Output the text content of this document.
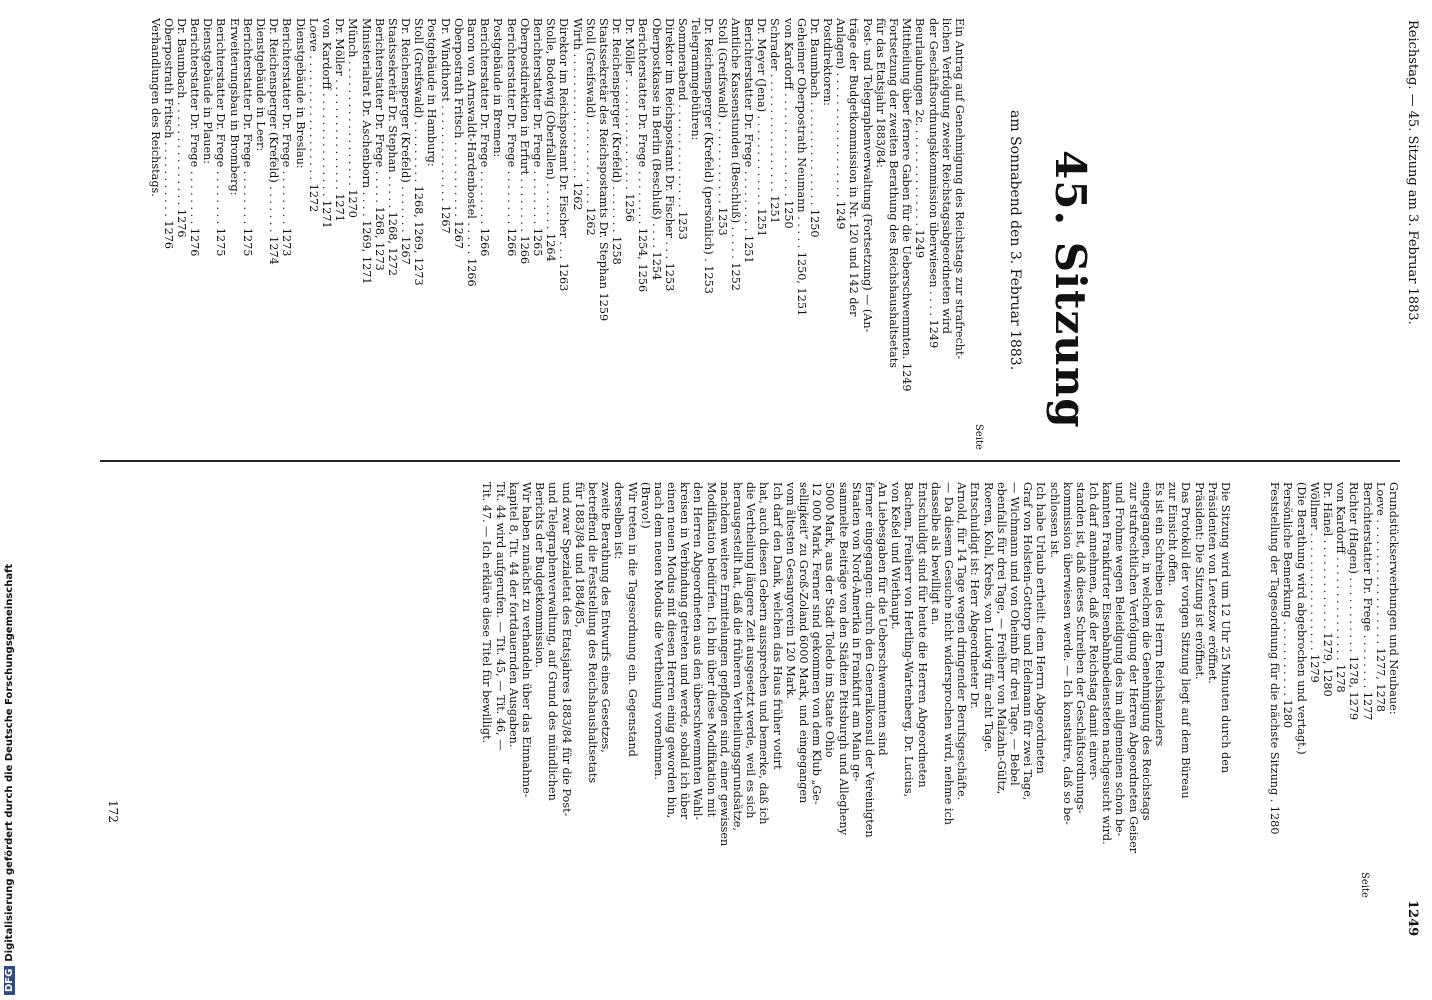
Reichstag. — 45. Sitzung am 3. Februar 1883.
1249
Seite
45. Sitzung
am Sonnabend den 3. Februar 1883.
Seite
Ein Antrag auf Genehmigung des Reichstags zur strafrecht-
lichen Verfolgung zweier Reichstagsabgeordneten wird
der Geschäftsordnungskommission überwiesen . . . . 1249
Beurlaubungen 2c. . . . . . . . . . . . . . . 1249
Mittheilung über fernere Gaben für die Ueberschwemmten. 1249
Fortsetzung der zweiten Berathung des Reichshaushaltsetats
für das Etatsjahr 1883/84:
Post- und Telegraphenverwaltung (Fortsetzung) — (An-
träge der Budgetkommission in Nr. 120 und 142 der
Anlagen) . . . . . . . . . . . . . . . . . . 1249
Postdirektoren:
Dr. Baumbach . . . . . . . . . . . . . . . 1250
Geheimer Oberpostrath Neumann . . . . . 1250, 1251
von Kardorff . . . . . . . . . . . . . . . 1250
Schrader . . . . . . . . . . . . . . . . . 1251
Dr. Meyer (Jena) . . . . . . . . . . . . . 1251
Berichterstatter Dr. Frege . . . . . . . . . 1251
Amtliche Kassenstunden (Beschluß) . . . . . 1252
Stoll (Greifswald) . . . . . . . . . . . . 1253
Dr. Reichensperger (Krefeld) (persönlich) . 1253
Telegrammgebühren:
Sommerabend . . . . . . . . . . . . . . . 1253
Direktor im Reichspostamt Dr. Fischer . . . 1253
Oberpostkasse in Berlin (Beschluß) . . . . 1254
Berichterstatter Dr. Frege . . . . . . . . 1254, 1256
Dr. Möller . . . . . . . . . . . . . . . . 1256
Dr. Reichensperger (Krefeld) . . . . . . . 1258
Staatssekretär des Reichspostamts Dr. Stephan 1259
Stoll (Greifswald) . . . . . . . . . . . . 1262
Wirth . . . . . . . . . . . . . . . . . . 1262
Direktor im Reichspostamt Dr. Fischer . . . 1263
Stolle, Bodewig (Oberfallen) . . . . . . . 1264
Berichterstatter Dr. Frege . . . . . . . . 1265
Oberpostdirektion in Erfurt . . . . . . . . 1266
Berichterstatter Dr. Frege . . . . . . . . 1266
Postgebäude in Bremen:
Berichterstatter Dr. Frege . . . . . . . . 1266
Baron von Arnswaldt-Hardenbostel . . . . . 1266
Oberpostrath Fritsch . . . . . . . . . . . 1267
Dr. Windthorst . . . . . . . . . . . . . . 1267
Postgebäude in Hamburg:
Stoll (Greifswald) . . . . . . . . . 1268, 1269, 1273
Dr. Reichensperger (Krefeld) . . . . . . . 1267
Staatssekretär Dr. Stephan . . . . . 1268, 1272
Berichterstatter Dr. Frege . . . . . 1268, 1273
Ministerialrat Dr. Aschenborn . . . . 1269, 1271
Münch . . . . . . . . . . . . . . . . . . 1270
Dr. Möller . . . . . . . . . . . . . . . . 1271
von Kardorff . . . . . . . . . . . . . . . 1271
Loeve . . . . . . . . . . . . . . . . . . 1272
Dienstgebäude in Breslau:
Berichterstatter Dr. Frege . . . . . . . . 1273
Dr. Reichensperger (Krefeld) . . . . . . . 1274
Dienstgebäude in Leer:
Berichterstatter Dr. Frege . . . . . . . . 1275
Erweiterungsbau in Bromberg:
Berichterstatter Dr. Frege . . . . . . . . 1275
Dienstgebäude in Plauen:
Berichterstatter Dr. Frege . . . . . . . . 1276
Dr. Baumbach . . . . . . . . . . . . . . . 1276
Oberpostrath Fritsch . . . . . . . . . . . 1276
Verhandlungen des Reichstags.
Grundstückserwerbungen und Neubaue:
Loeve . . . . . . . . . . . . . . . . . . 1277, 1278
Berichterstatter Dr. Frege . . . . . . . . 1277
Richter (Hagen) . . . . . . . . . . . 1278, 1279
von Kardorff . . . . . . . . . . . . . . . 1278
Dr. Hänel . . . . . . . . . . . . . 1279, 1280
Wöllmer . . . . . . . . . . . . . . . . . 1279
(Die Berathung wird abgebrochen und vertagt.)
Persönliche Bemerkung . . . . . . . . . . . 1280
Feststellung der Tagesordnung für die nächste Sitzung . 1280
Die Sitzung wird um 12 Uhr 25 Minuten durch den
Präsidenten von Levetzow eröffnet.
Präsident: Die Sitzung ist eröffnet.
Das Protokoll der vorigen Sitzung liegt auf dem Büreau
zur Einsicht offen.
Es ist ein Schreiben des Herrn Reichskanzlers
eingegangen, in welchem die Genehmigung des Reichstags
zur strafrechtlichen Verfolgung der Herren Abgeordneten Geiser
und Frohme wegen Beleidigung des im allgemeinen schon be-
kannten Frankfurter Eisenbahnbediensteten nachgesucht wird.
Ich darf annehmen, daß der Reichstag damit einver-
standen ist, daß dieses Schreiben der Geschäftsordnungs-
kommission überwiesen werde. — Ich konstatire, daß so be-
schlossen ist.
Ich habe Urlaub ertheilt: dem Herrn Abgeordneten
Graf von Holstein-Gottorp und Edelmann für zwei Tage,
— Wichmann und von Oheimb für drei Tage, — Bebel
ebenfalls für drei Tage, — Freiherr von Malzahn-Gültz,
Roeren, Kohl, Krebs, von Ludwig für acht Tage.
Entschuldigt ist: Herr Abgeordneter Dr.
Arnold, für 14 Tage wegen dringender Berufsgeschäfte.
— Da diesem Gesuche nicht widersprochen wird, nehme ich
dasselbe als bewilligt an.
Entschuldigt sind für heute die Herren Abgeordneten
Bachem, Freiherr von Hertling-Wartenberg, Dr. Lucius,
von Keßel und Wiethaupt.
An Liebesgaben für die Ueberschwemmten sind
ferner eingegangen: durch den Generalkonsul der Vereinigten
Staaten von Nord-Amerika in Frankfurt am Main ge-
sammelte Beiträge von den Städten Pittsburgh und Allegheny
5000 Mark, aus der Stadt Toledo im Staate Ohio
12 000 Mark. Ferner sind gekommen von dem Klub „Ge-
selligkeit“ zu Groß-Zoland 6000 Mark, und eingegangen
vom ältesten Gesangverein 120 Mark.
Ich darf den Dank, welchen das Haus früher votirt
hat, auch diesen Gebern aussprechen und bemerke, daß ich
die Vertheilung längere Zeit ausgesetzt werde, weil es sich
herausgestellt hat, daß die früheren Vertheilungsgrundsätze,
nachdem weitere Ermittelungen gepflogen sind, einer gewissen
Modifikation bedürfen. Ich bin über diese Modifikation mit
den Herren Abgeordneten aus den überschwemmten Wahl-
kreisen in Verbindung getreten und werde, sobald ich über
einen neuen Modus mit diesen Herren einig geworden bin,
nach dem neuen Modus die Vertheilung vornehmen.
(Bravo!)
Wir treten in die Tagesordnung ein. Gegenstand
derselben ist:
zweite Berathung des Entwurfs eines Gesetzes,
betreffend die Feststellung des Reichshaushaltsetats
für 1883/84 und 1884/85,
und zwar Spezialetat des Etatsjahres 1883/84 für die Post-
und Telegraphenverwaltung, auf Grund des mündlichen
Berichts der Budgetkommission.
Wir haben zunächst zu verhandeln über das Einnahme-
kapitel 8, Tit. 44 der fortdauernden Ausgaben.
Tit. 44 wird aufgerufen. — Tit. 45, — Tit. 46, —
Tit. 47. — Ich erkläre diese Titel für bewilligt.
172
DFGDigitalisierung gefördert durch die Deutsche Forschungsgemeinschaft
